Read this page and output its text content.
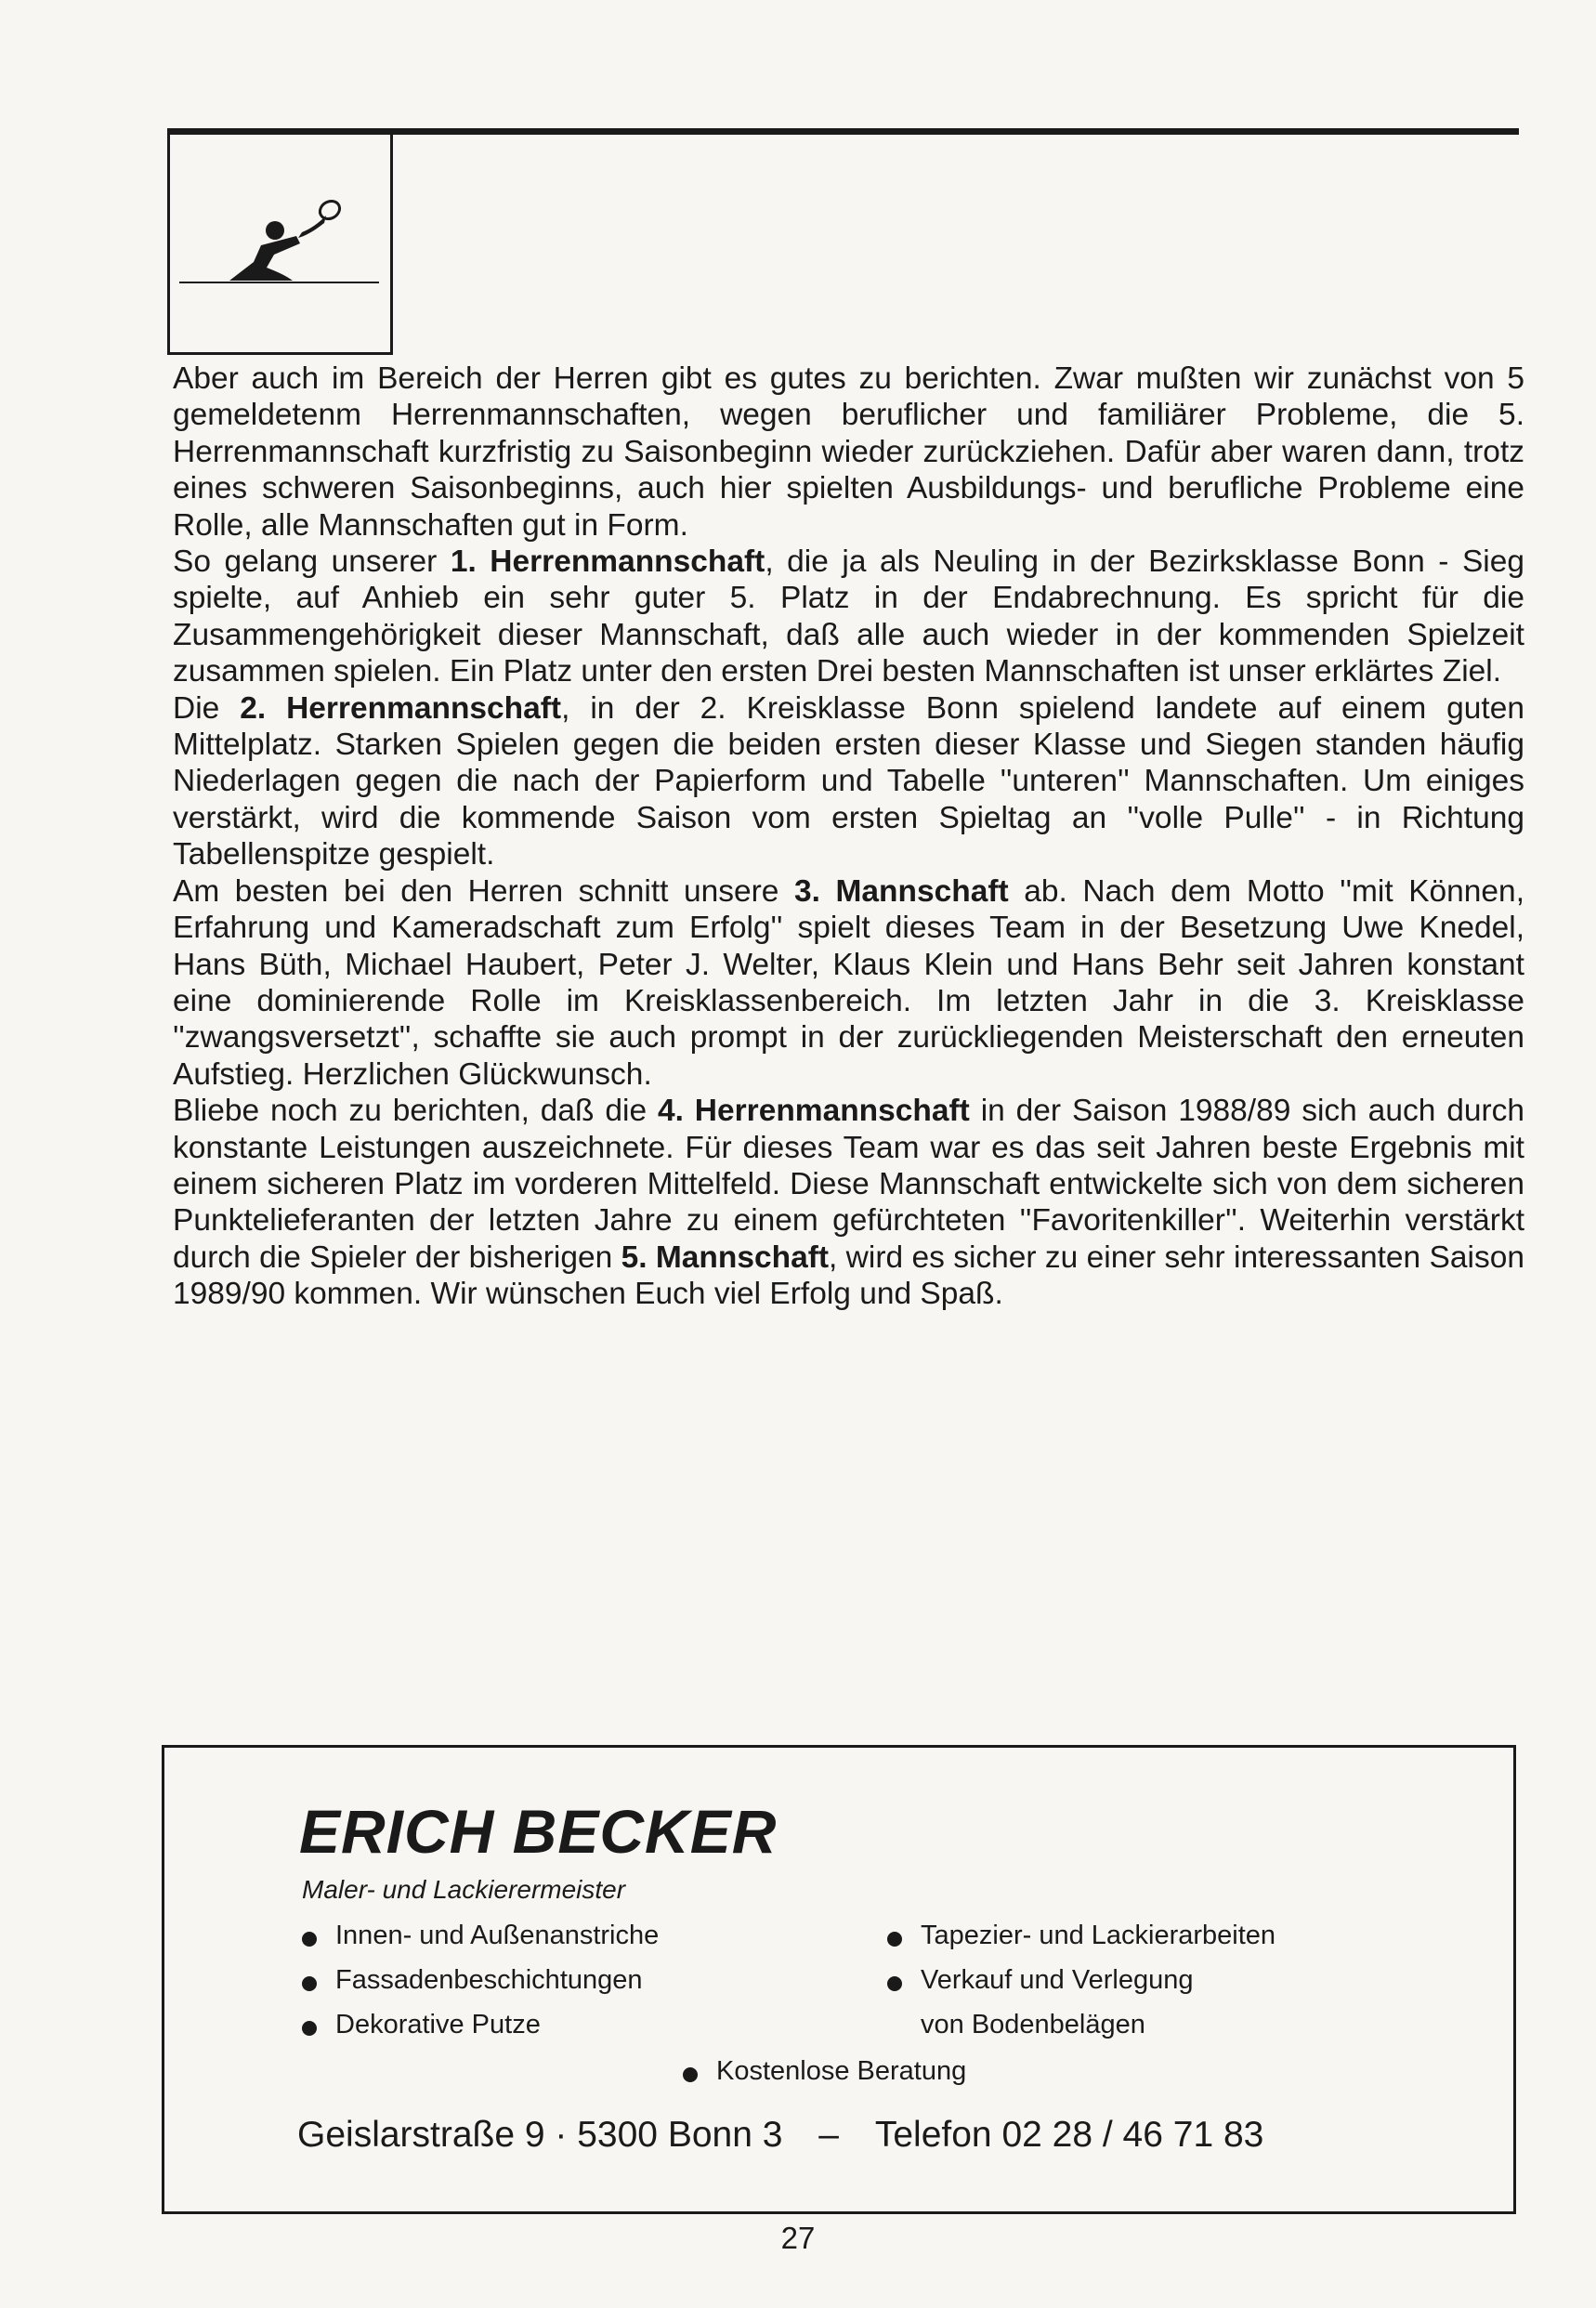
Aber auch im Bereich der Herren gibt es gutes zu berichten. Zwar mußten wir zunächst von 5 gemeldetenm Herrenmannschaften, wegen beruflicher und familiärer Probleme, die 5. Herrenmannschaft kurzfristig zu Saisonbeginn wieder zurückziehen. Dafür aber waren dann, trotz eines schweren Saisonbeginns, auch hier spielten Ausbildungs- und berufliche Probleme eine Rolle, alle Mannschaften gut in Form.

So gelang unserer 1. Herrenmannschaft, die ja als Neuling in der Bezirksklasse Bonn - Sieg spielte, auf Anhieb ein sehr guter 5. Platz in der Endabrechnung. Es spricht für die Zusammengehörigkeit dieser Mannschaft, daß alle auch wieder in der kommenden Spielzeit zusammen spielen. Ein Platz unter den ersten Drei besten Mannschaften ist unser erklärtes Ziel.

Die 2. Herrenmannschaft, in der 2. Kreisklasse Bonn spielend landete auf einem guten Mittelplatz. Starken Spielen gegen die beiden ersten dieser Klasse und Siegen standen häufig Niederlagen gegen die nach der Papierform und Tabelle ''unteren'' Mannschaften. Um einiges verstärkt, wird die kommende Saison vom ersten Spieltag an ''volle Pulle'' - in Richtung Tabellenspitze gespielt.

Am besten bei den Herren schnitt unsere 3. Mannschaft ab. Nach dem Motto ''mit Können, Erfahrung und Kameradschaft zum Erfolg'' spielt dieses Team in der Besetzung Uwe Knedel, Hans Büth, Michael Haubert, Peter J. Welter, Klaus Klein und Hans Behr seit Jahren konstant eine dominierende Rolle im Kreisklassenbereich. Im letzten Jahr in die 3. Kreisklasse ''zwangsversetzt'', schaffte sie auch prompt in der zurückliegenden Meisterschaft den erneuten Aufstieg. Herzlichen Glückwunsch.

Bliebe noch zu berichten, daß die 4. Herrenmannschaft in der Saison 1988/89 sich auch durch konstante Leistungen auszeichnete. Für dieses Team war es das seit Jahren beste Ergebnis mit einem sicheren Platz im vorderen Mittelfeld. Diese Mannschaft entwickelte sich von dem sicheren Punktelieferanten der letzten Jahre zu einem gefürchteten ''Favoritenkiller''. Weiterhin verstärkt durch die Spieler der bisherigen 5. Mannschaft, wird es sicher zu einer sehr interessanten Saison 1989/90 kommen. Wir wünschen Euch viel Erfolg und Spaß.

ERICH BECKER

Maler- und Lackierermeister

Innen- und Außenanstriche

Fassadenbeschichtungen

Dekorative Putze

Tapezier- und Lackierarbeiten

Verkauf und Verlegung

von Bodenbelägen

Kostenlose Beratung

Geislarstraße 9 · 5300 Bonn 3 – Telefon 02 28 / 46 71 83

27
